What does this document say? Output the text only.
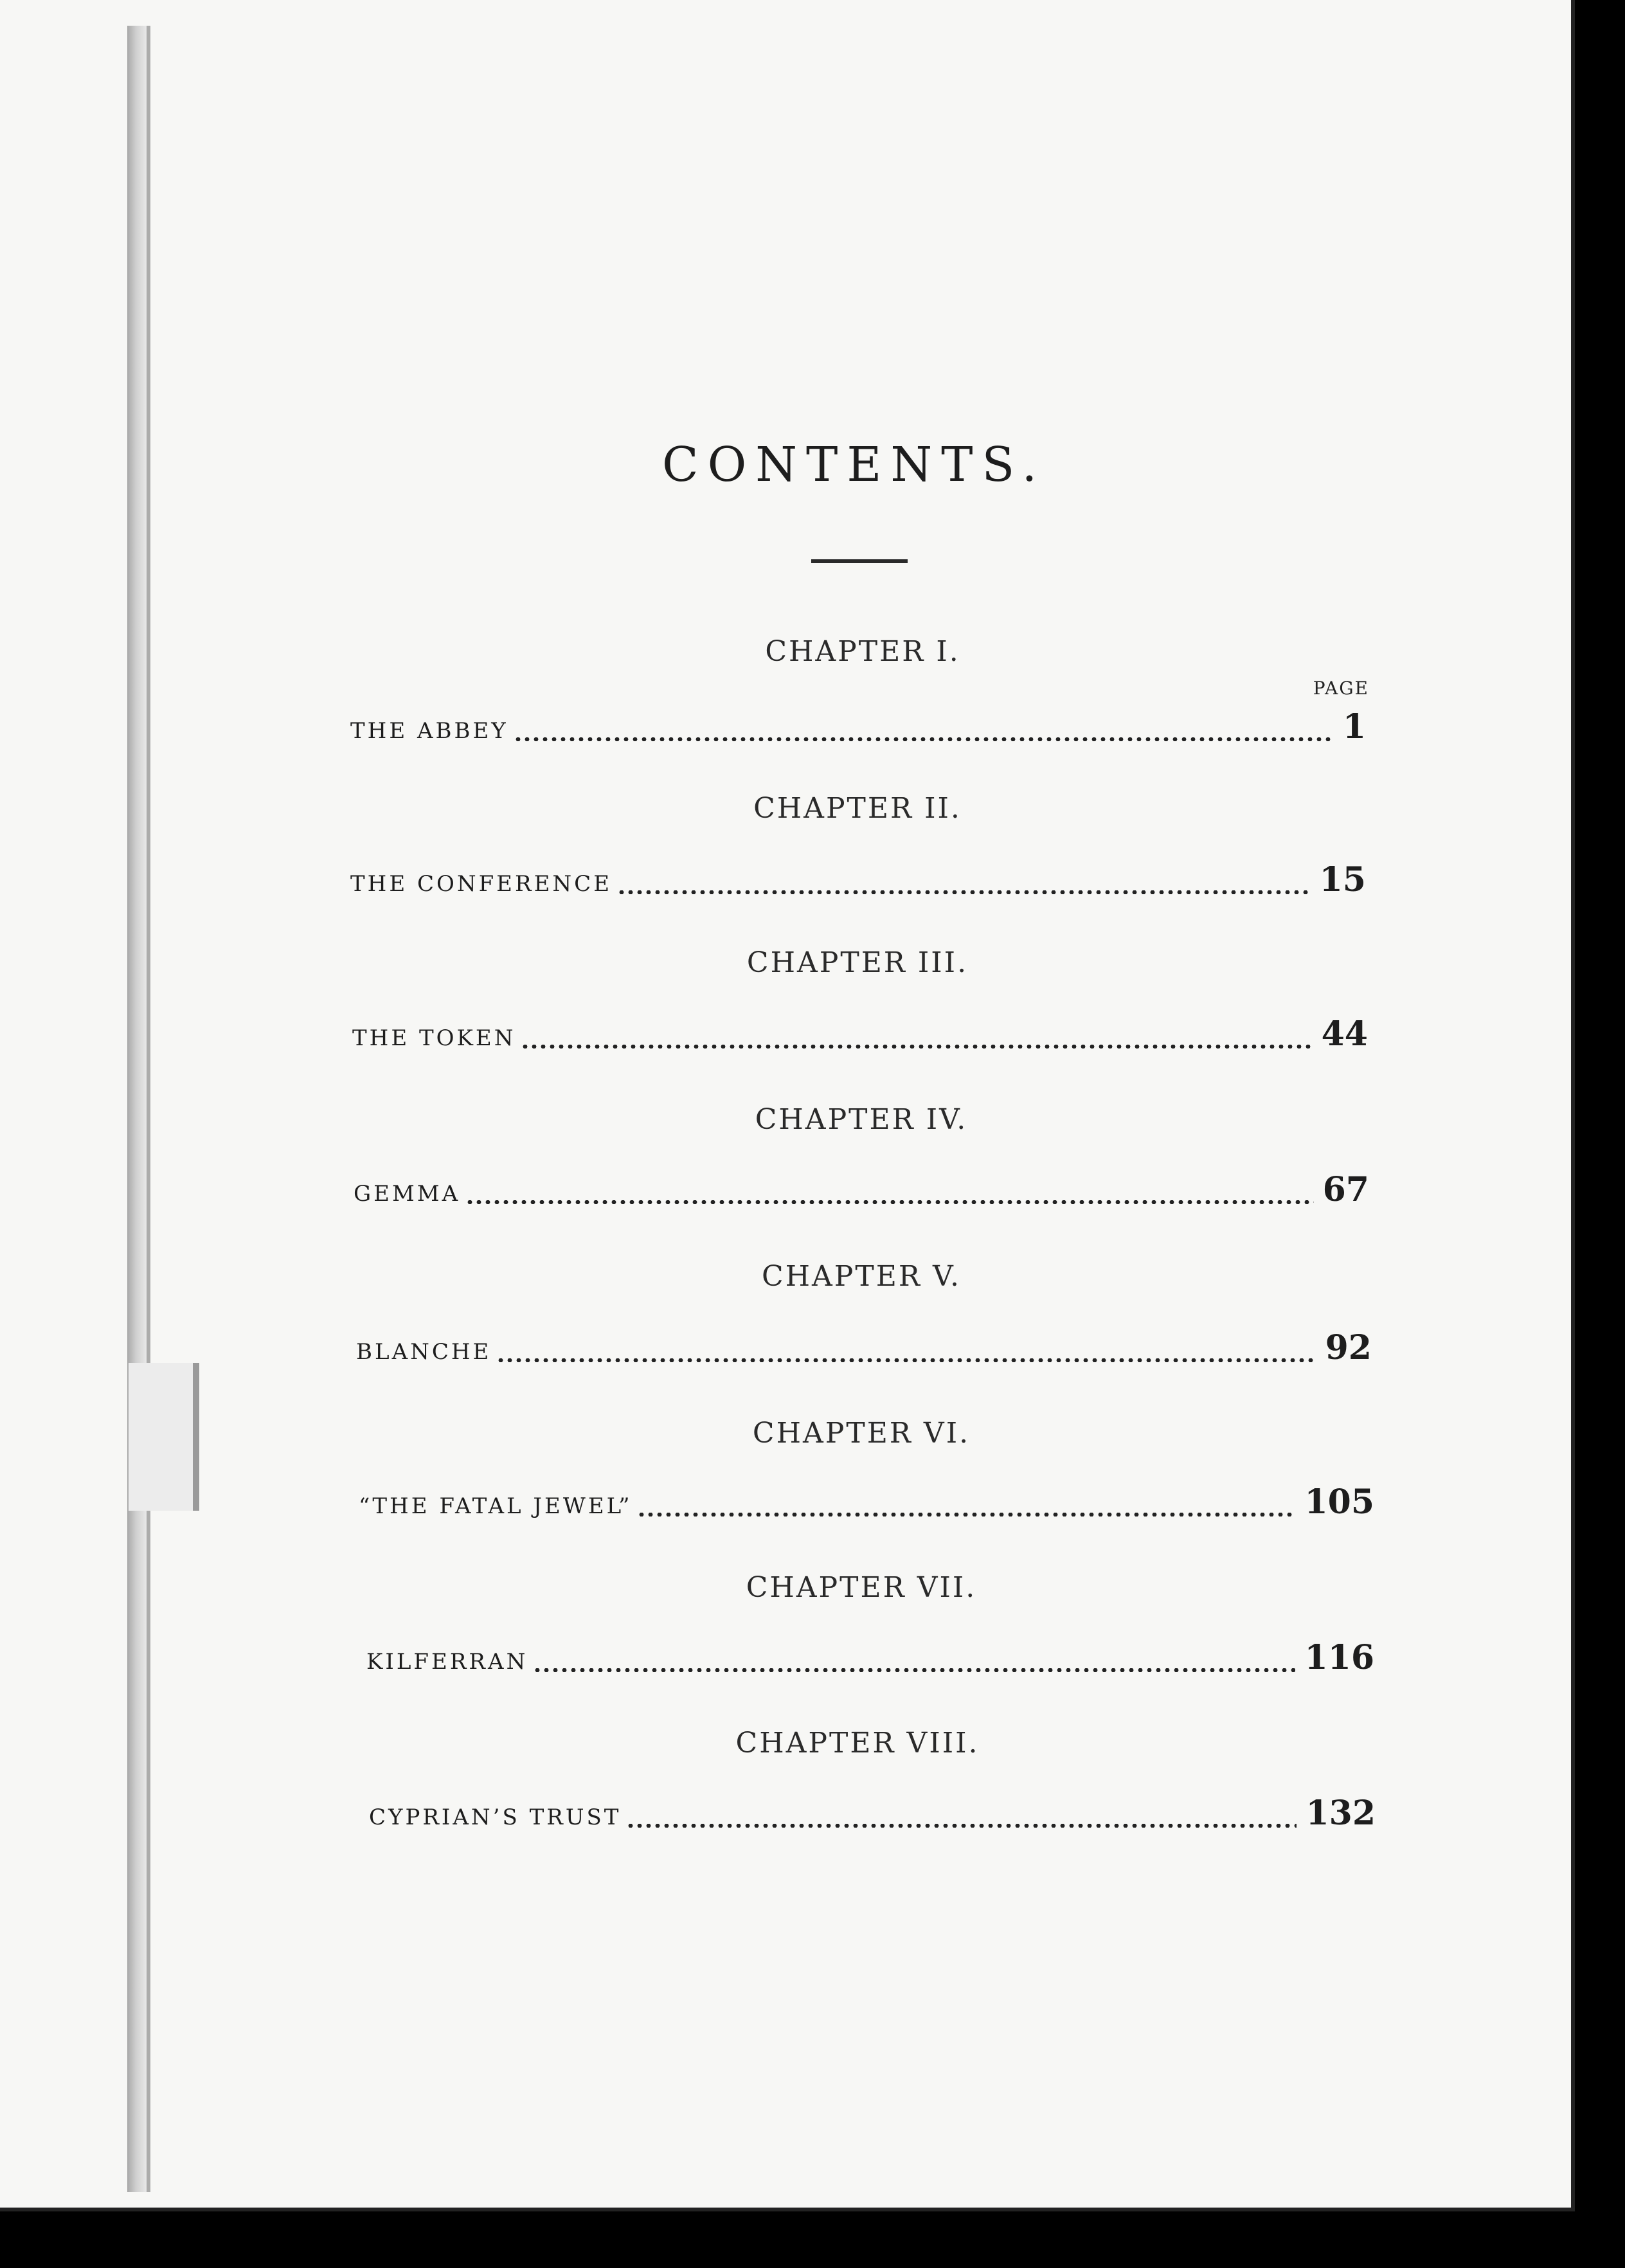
CONTENTS.
PAGE
CHAPTER I.
THE ABBEY	1
CHAPTER II.
THE CONFERENCE	15
CHAPTER III.
THE TOKEN	44
CHAPTER IV.
GEMMA	67
CHAPTER V.
BLANCHE	92
CHAPTER VI.
“THE FATAL JEWEL”	105
CHAPTER VII.
KILFERRAN	116
CHAPTER VIII.
CYPRIAN’S TRUST	132
